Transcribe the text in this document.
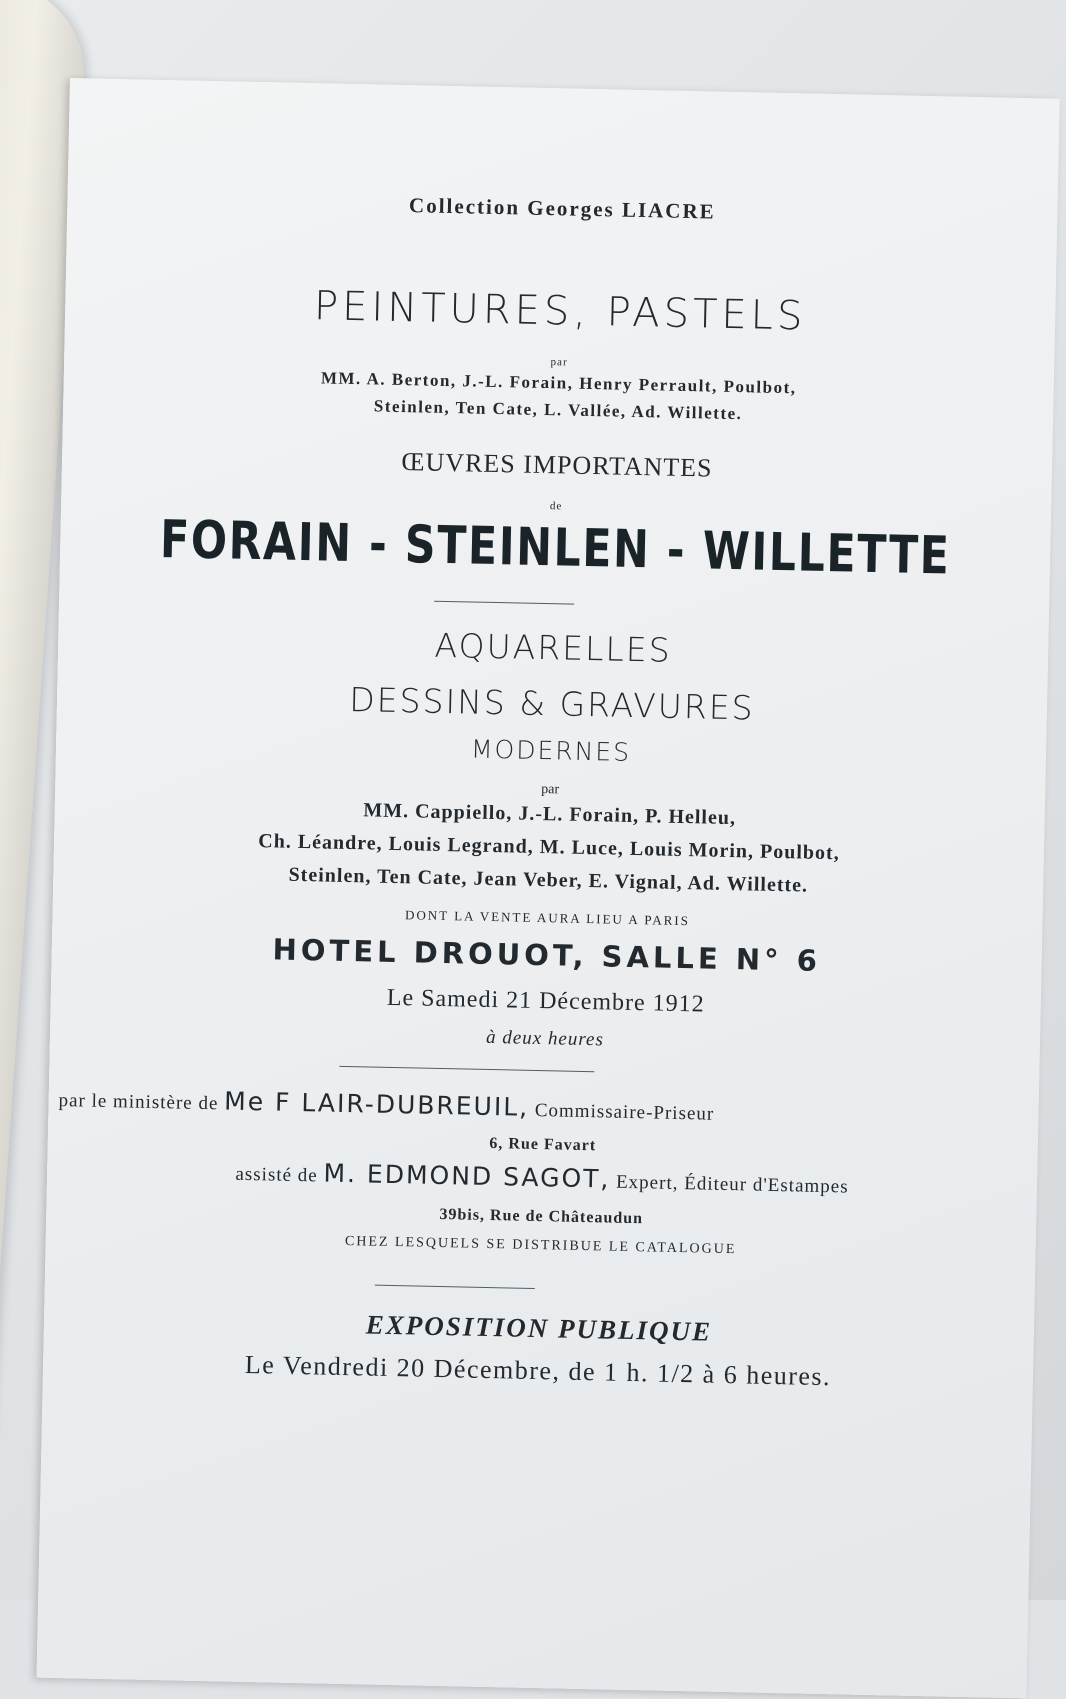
Collection Georges LIACRE
PEINTURES, PASTELS
par
MM. A. Berton, J.-L. Forain, Henry Perrault, Poulbot,
Steinlen, Ten Cate, L. Vallée, Ad. Willette.
ŒUVRES IMPORTANTES
de
FORAIN - STEINLEN - WILLETTE
AQUARELLES
DESSINS & GRAVURES
MODERNES
par
MM. Cappiello, J.-L. Forain, P. Helleu,
Ch. Léandre, Louis Legrand, M. Luce, Louis Morin, Poulbot,
Steinlen, Ten Cate, Jean Veber, E. Vignal, Ad. Willette.
DONT LA VENTE AURA LIEU A PARIS
HOTEL DROUOT, SALLE N° 6
Le Samedi 21 Décembre 1912
à deux heures
par le ministère de Me F LAIR-DUBREUIL, Commissaire-Priseur
6, Rue Favart
assisté de M. EDMOND SAGOT, Expert, Éditeur d'Estampes
39bis, Rue de Châteaudun
CHEZ LESQUELS SE DISTRIBUE LE CATALOGUE
EXPOSITION PUBLIQUE
Le Vendredi 20 Décembre, de 1 h. 1/2 à 6 heures.
